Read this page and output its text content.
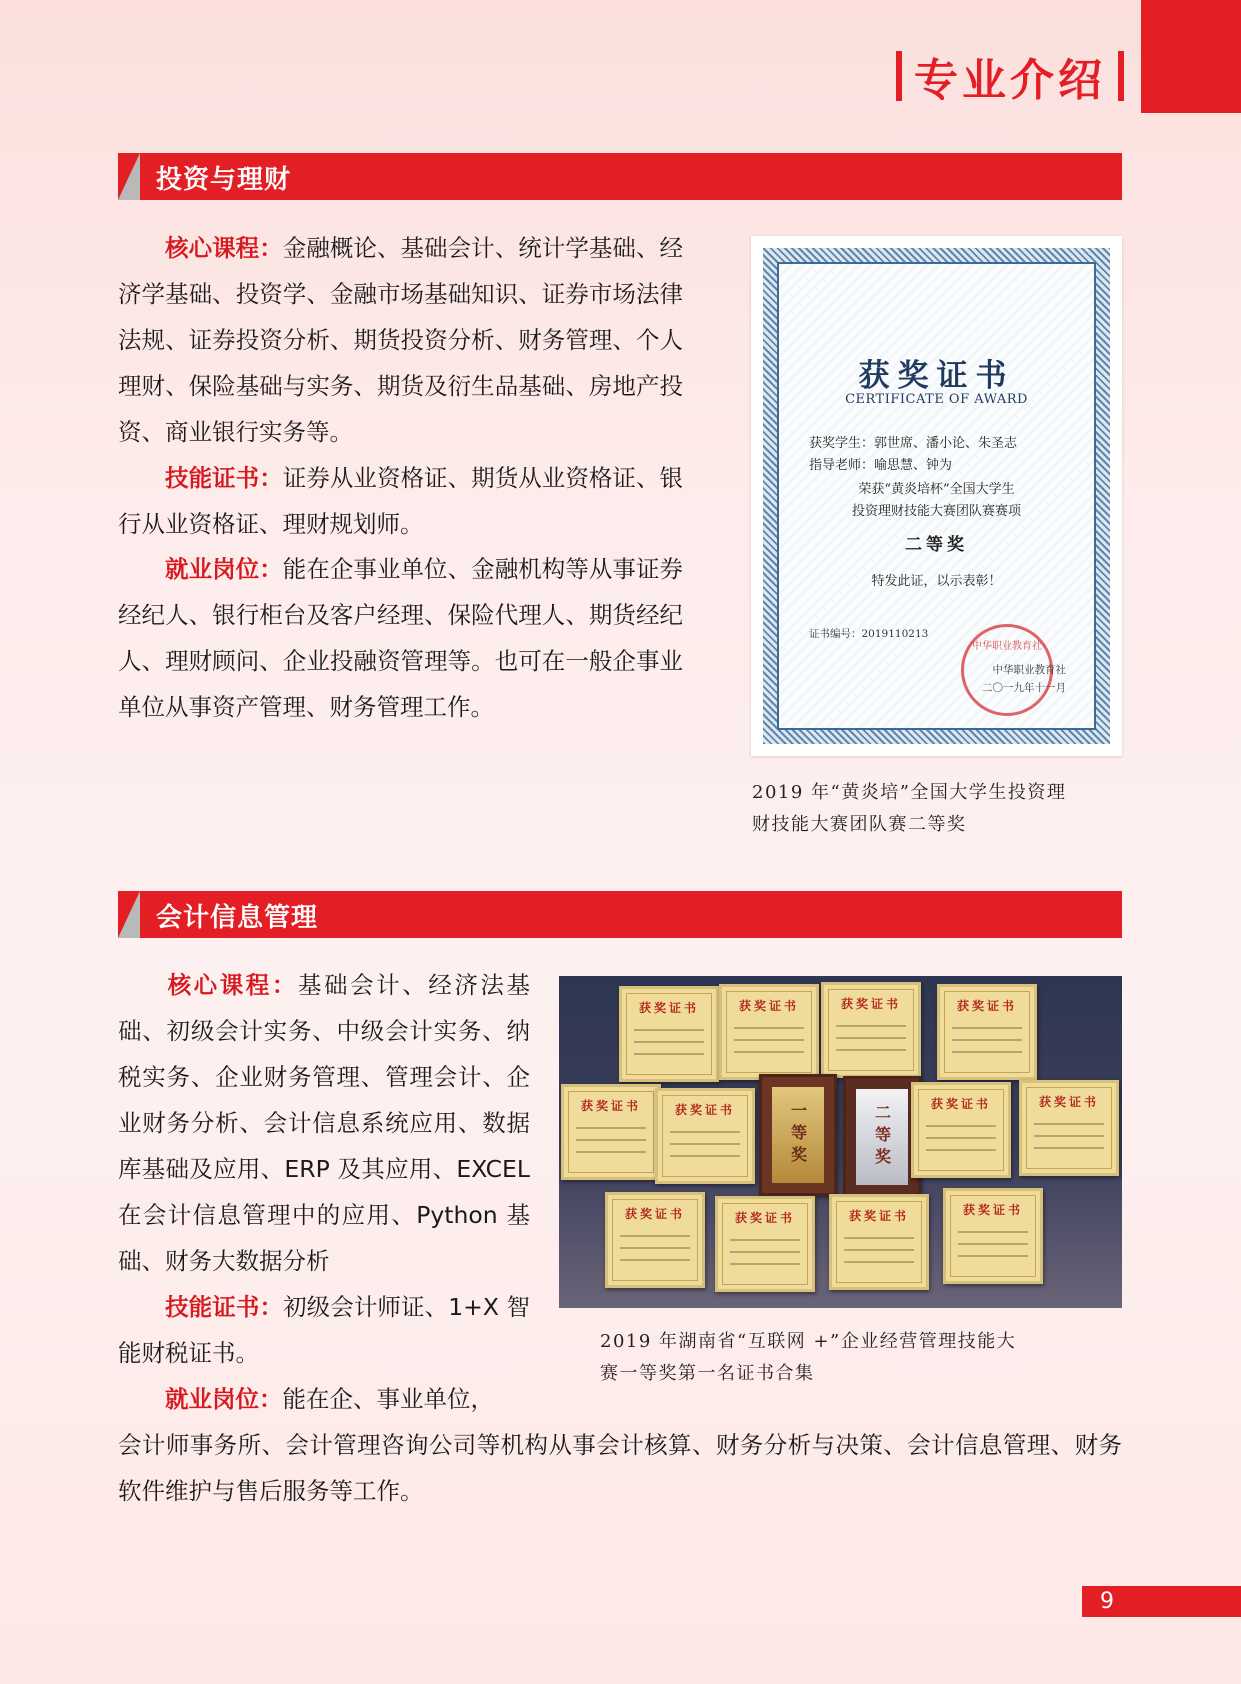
专业介绍
投资与理财
核心课程：金融概论、基础会计、统计学基础、经济学基础、投资学、金融市场基础知识、证券市场法律法规、证券投资分析、期货投资分析、财务管理、个人理财、保险基础与实务、期货及衍生品基础、房地产投资、商业银行实务等。
技能证书：证券从业资格证、期货从业资格证、银行从业资格证、理财规划师。
就业岗位：能在企事业单位、金融机构等从事证券经纪人、银行柜台及客户经理、保险代理人、期货经纪人、理财顾问、企业投融资管理等。也可在一般企事业单位从事资产管理、财务管理工作。
获奖证书
CERTIFICATE OF AWARD
获奖学生：郭世席、潘小论、朱圣志
指导老师：喻思慧、钟为
荣获“黄炎培杯”全国大学生
投资理财技能大赛团队赛赛项
二等奖
特发此证，以示表彰！
证书编号：2019110213
中华职业教育社
中华职业教育社
二〇一九年十一月
2019 年“黄炎培”全国大学生投资理
财技能大赛团队赛二等奖
会计信息管理
核心课程：基础会计、经济法基础、初级会计实务、中级会计实务、纳税实务、企业财务管理、管理会计、企业财务分析、会计信息系统应用、数据库基础及应用、ERP 及其应用、EXCEL 在会计信息管理中的应用、Python 基础、财务大数据分析
技能证书：初级会计师证、1+X 智能财税证书。
就业岗位：能在企、事业单位，
会计师事务所、会计管理咨询公司等机构从事会计核算、财务分析与决策、会计信息管理、财务软件维护与售后服务等工作。
获奖证书	获奖证书	获奖证书	获奖证书
获奖证书	获奖证书	一等奖	二等奖	获奖证书	获奖证书
获奖证书	获奖证书	获奖证书	获奖证书
2019 年湖南省“互联网 +”企业经营管理技能大
赛一等奖第一名证书合集
9
